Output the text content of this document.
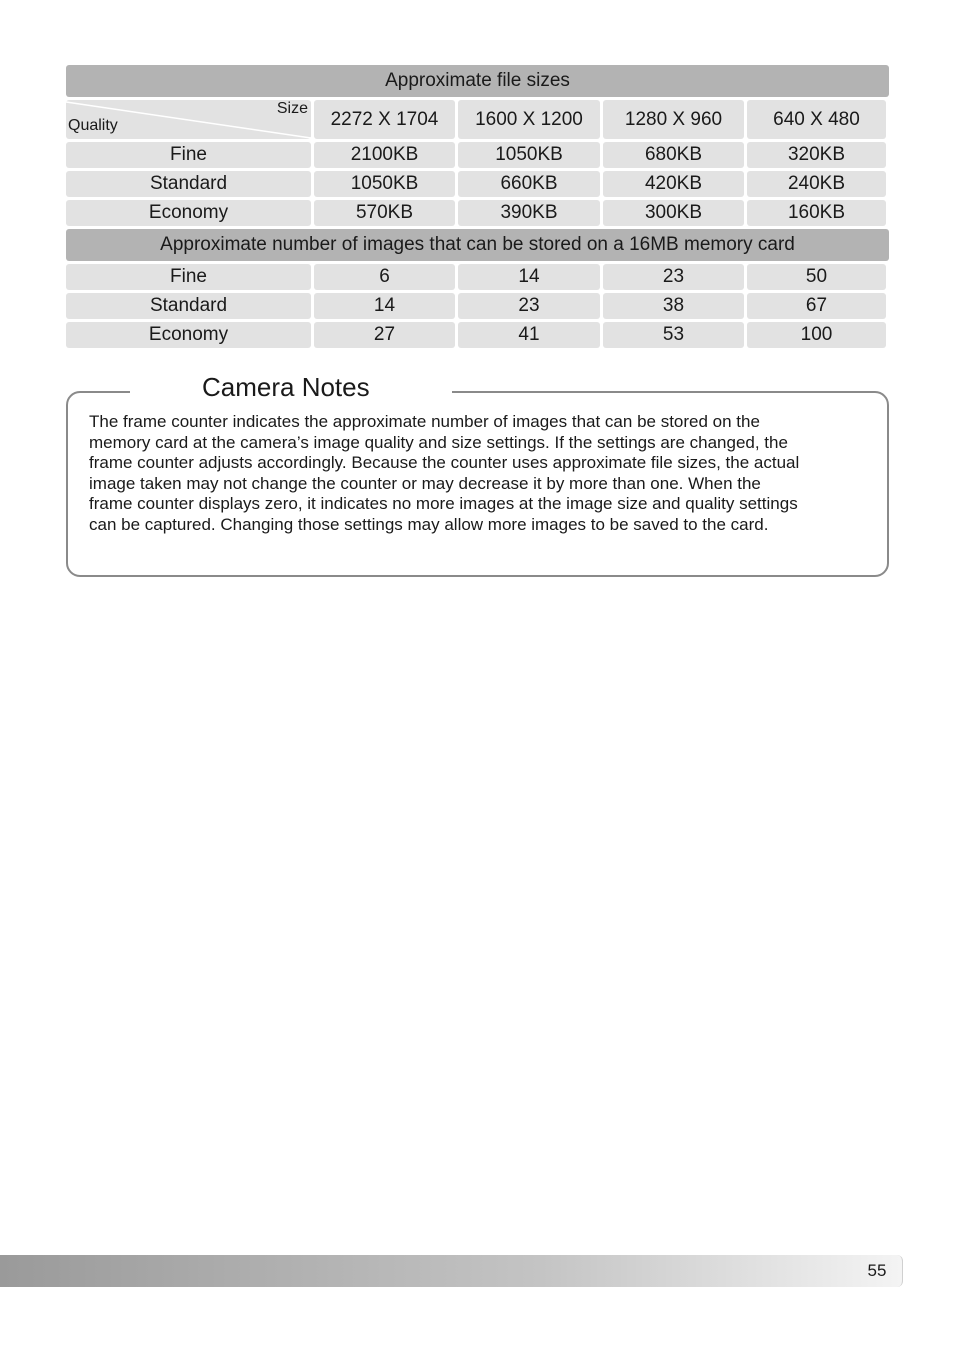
Approximate file sizes
Size
Quality	2272 X 1704	1600 X 1200	1280 X 960	640 X 480
Fine	2100KB	1050KB	680KB	320KB
Standard	1050KB	660KB	420KB	240KB
Economy	570KB	390KB	300KB	160KB
Approximate number of images that can be stored on a 16MB memory card
Fine	6	14	23	50
Standard	14	23	38	67
Economy	27	41	53	100
Camera Notes
The frame counter indicates the approximate number of images that can be stored on the
memory card at the camera’s image quality and size settings. If the settings are changed, the
frame counter adjusts accordingly. Because the counter uses approximate file sizes, the actual
image taken may not change the counter or may decrease it by more than one. When the
frame counter displays zero, it indicates no more images at the image size and quality settings
can be captured. Changing those settings may allow more images to be saved to the card.
55
